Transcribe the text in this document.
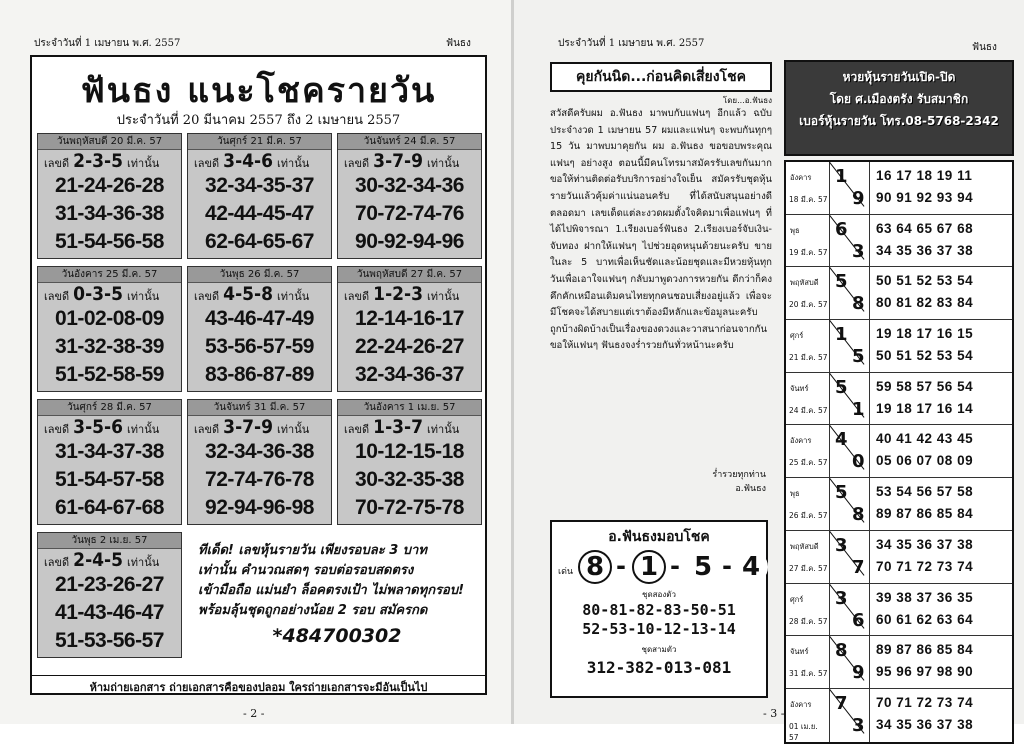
ประจำวันที่ 1 เมษายน พ.ศ. 2557	ฟันธง
ฟันธง แนะโชครายวัน
ประจำวันที่ 20 มีนาคม 2557 ถึง 2 เมษายน 2557
วันพฤหัสบดี 20 มี.ค. 57
เลขดี 2-3-5 เท่านั้น
21-24-26-28
31-34-36-38
51-54-56-58
วันศุกร์ 21 มี.ค. 57
เลขดี 3-4-6 เท่านั้น
32-34-35-37
42-44-45-47
62-64-65-67
วันจันทร์ 24 มี.ค. 57
เลขดี 3-7-9 เท่านั้น
30-32-34-36
70-72-74-76
90-92-94-96
วันอังคาร 25 มี.ค. 57
เลขดี 0-3-5 เท่านั้น
01-02-08-09
31-32-38-39
51-52-58-59
วันพุธ 26 มี.ค. 57
เลขดี 4-5-8 เท่านั้น
43-46-47-49
53-56-57-59
83-86-87-89
วันพฤหัสบดี 27 มี.ค. 57
เลขดี 1-2-3 เท่านั้น
12-14-16-17
22-24-26-27
32-34-36-37
วันศุกร์ 28 มี.ค. 57
เลขดี 3-5-6 เท่านั้น
31-34-37-38
51-54-57-58
61-64-67-68
วันจันทร์ 31 มี.ค. 57
เลขดี 3-7-9 เท่านั้น
32-34-36-38
72-74-76-78
92-94-96-98
วันอังคาร 1 เม.ย. 57
เลขดี 1-3-7 เท่านั้น
10-12-15-18
30-32-35-38
70-72-75-78
วันพุธ 2 เม.ย. 57
เลขดี 2-4-5 เท่านั้น
21-23-26-27
41-43-46-47
51-53-56-57
ทีเด็ด! เลขหุ้นรายวัน เพียงรอบละ 3 บาท
เท่านั้น คำนวณสดๆ รอบต่อรอบสดตรง
เข้ามือถือ แม่นยำ ล็อคตรงเป้า ไม่พลาดทุกรอบ!
พร้อมลุ้นชุดถูกอย่างน้อย 2 รอบ สมัครกด
*484700302
ห้ามถ่ายเอกสาร ถ่ายเอกสารคือของปลอม ใครถ่ายเอกสารจะมีอันเป็นไป
- 2 -
ประจำวันที่ 1 เมษายน พ.ศ. 2557	ฟันธง
คุยกันนิด...ก่อนคิดเสี่ยงโชค
โดย...อ.ฟันธง
สวัสดีครับผม อ.ฟันธง มาพบกับแฟนๆ อีกแล้ว ฉบับประจำงวด 1 เมษายน 57 ผมและแฟนๆ จะพบกันทุกๆ 15 วัน มาพบมาคุยกัน ผม อ.ฟันธง ขอขอบพระคุณแฟนๆ อย่างสูง ตอนนี้มีคนโทรมาสมัครรับเลขกันมาก ขอให้ท่านติดต่อรับบริการอย่างใจเย็น สมัครรับชุดหุ้นรายวันแล้วคุ้มค่าแน่นอนครับ ที่ได้สนับสนุนอย่างดีตลอดมา เลขเด็ดแต่ละงวดผมตั้งใจคิดมาเพื่อแฟนๆ ที่ได้ไปพิจารณา 1.เรียงเบอร์ฟันธง 2.เรียงเบอร์จับเงิน-จับทอง ฝากให้แฟนๆ ไปช่วยอุดหนุนด้วยนะครับ ขายในละ 5 บาทเพื่อเห็นชัดและน้อยชุดและมีหวยหุ้นทุกวันเพื่อเอาใจแฟนๆ กลับมาพูดวงการหวยกัน ดีกว่าก็คงคึกคักเหมือนเดิมคนไทยทุกคนชอบเสี่ยงอยู่แล้ว เพื่อจะมีโชคจะได้สบายแต่เราต้องมีหลักและข้อมูลนะครับ ถูกบ้างผิดบ้างเป็นเรื่องของดวงและวาสนาก่อนจากกันขอให้แฟนๆ ฟันธงจงร่ำรวยกันทั่วหน้านะครับ
ร่ำรวยทุกท่าน
อ.ฟันธง
อ.ฟันธงมอบโชค
เด่น 8 - 1 - 5 - 4
ชุดสองตัว
80-81-82-83-50-51
52-53-10-12-13-14
ชุดสามตัว
312-382-013-081
หวยหุ้นรายวันเปิด-ปิด
โดย ศ.เมืองตรัง รับสมาชิก
เบอร์หุ้นรายวัน โทร.08-5768-2342
อังคาร
18 มี.ค. 57
1
9
16 17 18 19 11
90 91 92 93 94
พุธ
19 มี.ค. 57
6
3
63 64 65 67 68
34 35 36 37 38
พฤหัสบดี
20 มี.ค. 57
5
8
50 51 52 53 54
80 81 82 83 84
ศุกร์
21 มี.ค. 57
1
5
19 18 17 16 15
50 51 52 53 54
จันทร์
24 มี.ค. 57
5
1
59 58 57 56 54
19 18 17 16 14
อังคาร
25 มี.ค. 57
4
0
40 41 42 43 45
05 06 07 08 09
พุธ
26 มี.ค. 57
5
8
53 54 56 57 58
89 87 86 85 84
พฤหัสบดี
27 มี.ค. 57
3
7
34 35 36 37 38
70 71 72 73 74
ศุกร์
28 มี.ค. 57
3
6
39 38 37 36 35
60 61 62 63 64
จันทร์
31 มี.ค. 57
8
9
89 87 86 85 84
95 96 97 98 90
อังคาร
01 เม.ย. 57
7
3
70 71 72 73 74
34 35 36 37 38
- 3 -
